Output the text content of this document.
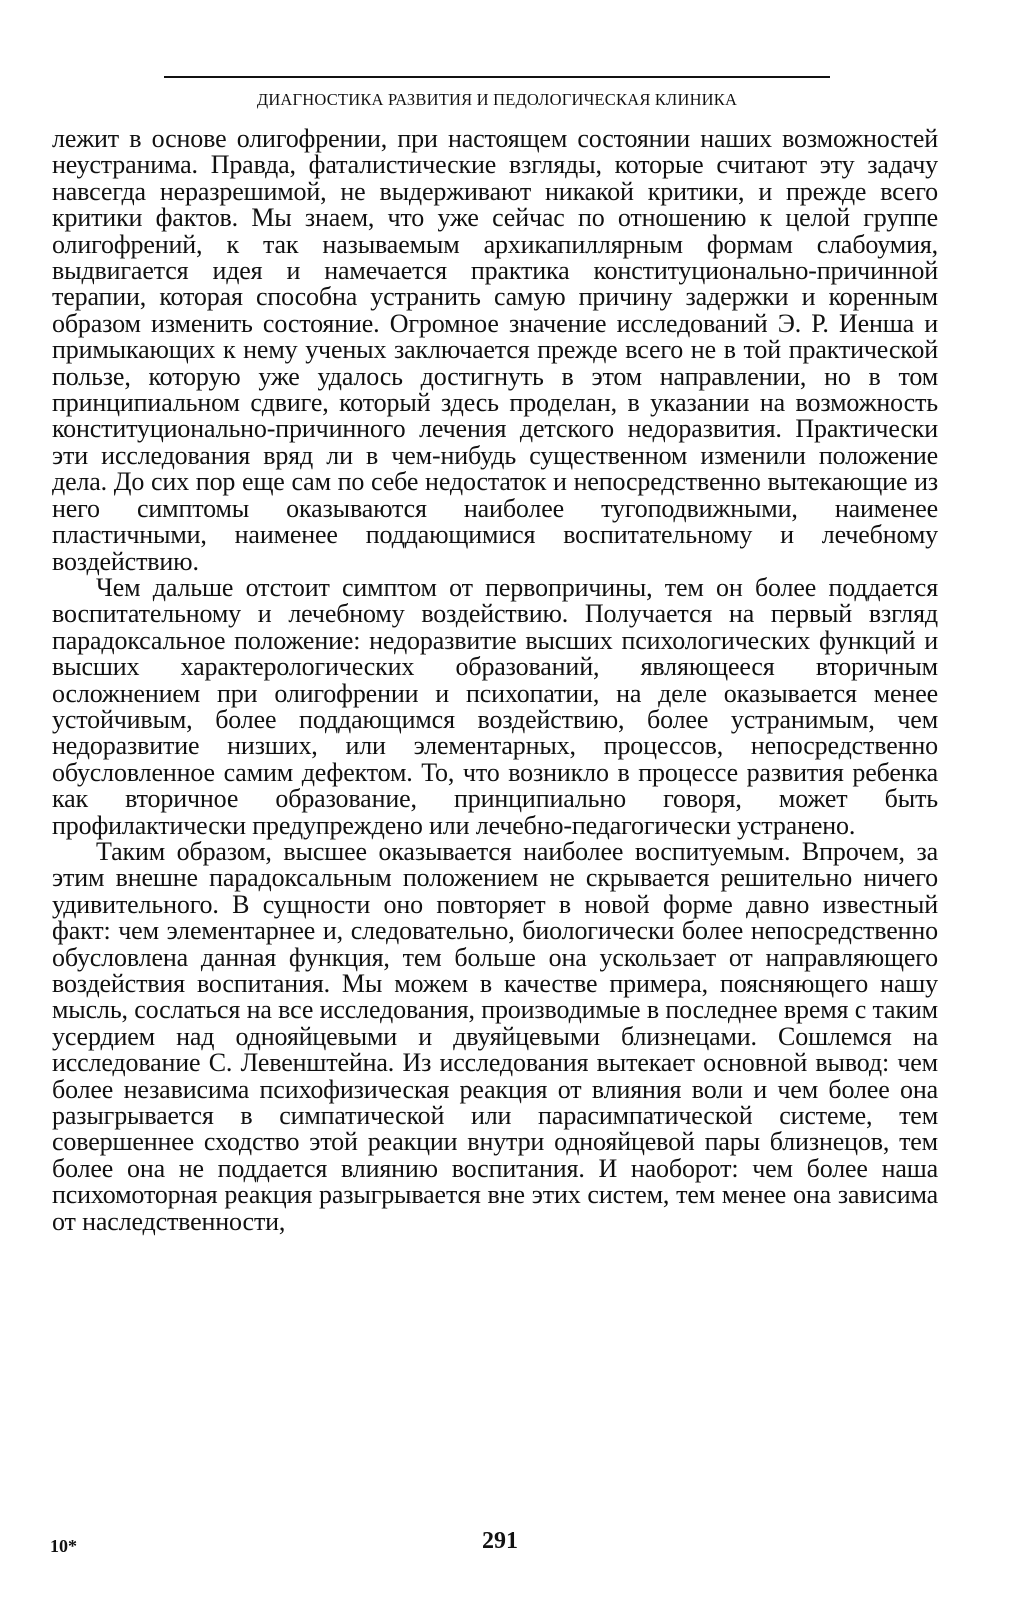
ДИАГНОСТИКА РАЗВИТИЯ И ПЕДОЛОГИЧЕСКАЯ КЛИНИКА

лежит в основе олигофрении, при настоящем состоянии наших возможностей неустранима. Правда, фаталистические взгляды, которые считают эту задачу навсегда неразрешимой, не выдерживают никакой критики, и прежде всего критики фактов. Мы знаем, что уже сейчас по отношению к целой группе олигофрений, к так называемым архикапиллярным формам слабоумия, выдвигается идея и намечается практика конституционально-причинной терапии, которая способна устранить самую причину задержки и коренным образом изменить состояние. Огромное значение исследований Э. Р. Иенша и примыкающих к нему ученых заключается прежде всего не в той практической пользе, которую уже удалось достигнуть в этом направлении, но в том принципиальном сдвиге, который здесь проделан, в указании на возможность конституционально-причинного лечения детского недоразвития. Практически эти исследования вряд ли в чем-нибудь существенном изменили положение дела. До сих пор еще сам по себе недостаток и непосредственно вытекающие из него симптомы оказываются наиболее тугоподвижными, наименее пластичными, наименее поддающимися воспитательному и лечебному воздействию.

Чем дальше отстоит симптом от первопричины, тем он более поддается воспитательному и лечебному воздействию. Получается на первый взгляд парадоксальное положение: недоразвитие высших психологических функций и высших характерологических образований, являющееся вторичным осложнением при олигофрении и психопатии, на деле оказывается менее устойчивым, более поддающимся воздействию, более устранимым, чем недоразвитие низших, или элементарных, процессов, непосредственно обусловленное самим дефектом. То, что возникло в процессе развития ребенка как вторичное образование, принципиально говоря, может быть профилактически предупреждено или лечебно-педагогически устранено.

Таким образом, высшее оказывается наиболее воспитуемым. Впрочем, за этим внешне парадоксальным положением не скрывается решительно ничего удивительного. В сущности оно повторяет в новой форме давно известный факт: чем элементарнее и, следовательно, биологически более непосредственно обусловлена данная функция, тем больше она ускользает от направляющего воздействия воспитания. Мы можем в качестве примера, поясняющего нашу мысль, сослаться на все исследования, производимые в последнее время с таким усердием над однояйцевыми и двуяйцевыми близнецами. Сошлемся на исследование С. Левенштейна. Из исследования вытекает основной вывод: чем более независима психофизическая реакция от влияния воли и чем более она разыгрывается в симпатической или парасимпатической системе, тем совершеннее сходство этой реакции внутри однояйцевой пары близнецов, тем более она не поддается влиянию воспитания. И наоборот: чем более наша психомоторная реакция разыгрывается вне этих систем, тем менее она зависима от наследственности,

10*	291
